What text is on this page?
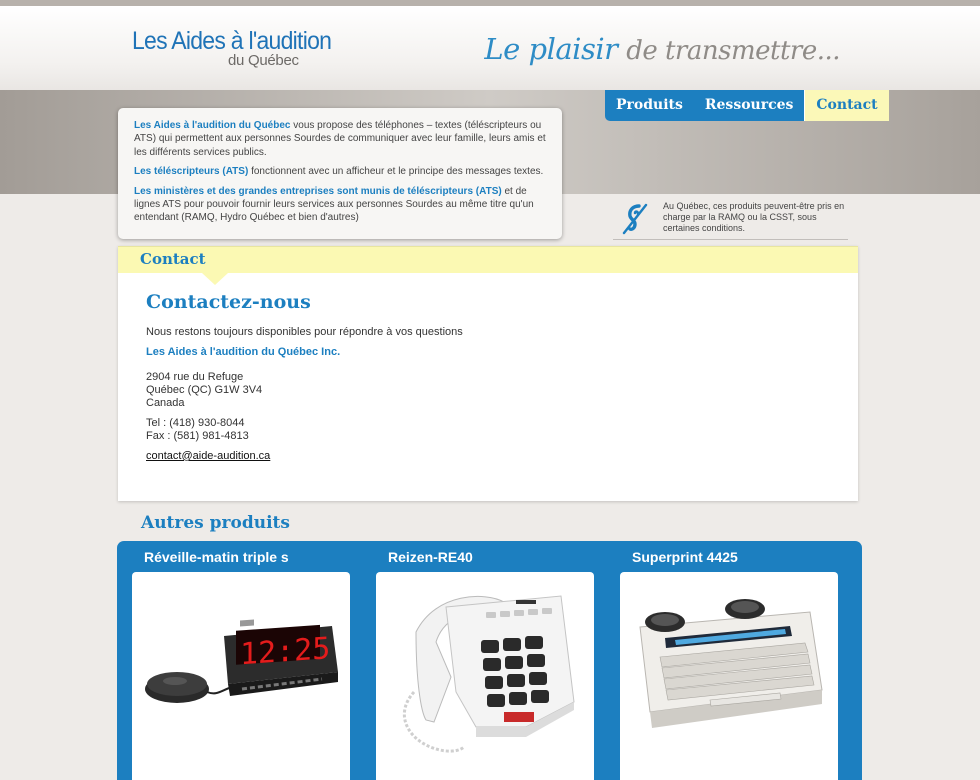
Les Aides à l'audition
du Québec	Le plaisir de transmettre...
Produits	Ressources	Contact

Les Aides à l'audition du Québec vous propose des téléphones – textes (téléscripteurs ou ATS) qui permettent aux personnes Sourdes de communiquer avec leur famille, leurs amis et les différents services publics.

Les téléscripteurs (ATS) fonctionnent avec un afficheur et le principe des messages textes.

Les ministères et des grandes entreprises sont munis de téléscripteurs (ATS) et de lignes ATS pour pouvoir fournir leurs services aux personnes Sourdes au même titre qu'un entendant (RAMQ, Hydro Québec et bien d'autres)

Au Québec, ces produits peuvent-être pris en charge par la RAMQ ou la CSST, sous certaines conditions.
Contact
Contactez-nous
Nous restons toujours disponibles pour répondre à vos questions
Les Aides à l'audition du Québec Inc.
2904 rue du Refuge
Québec (QC) G1W 3V4
Canada
Tel : (418) 930-8044
Fax : (581) 981-4813
contact@aide-audition.ca
Autres produits
Réveille-matin triple s
12:25
Reizen-RE40	Superprint 4425
